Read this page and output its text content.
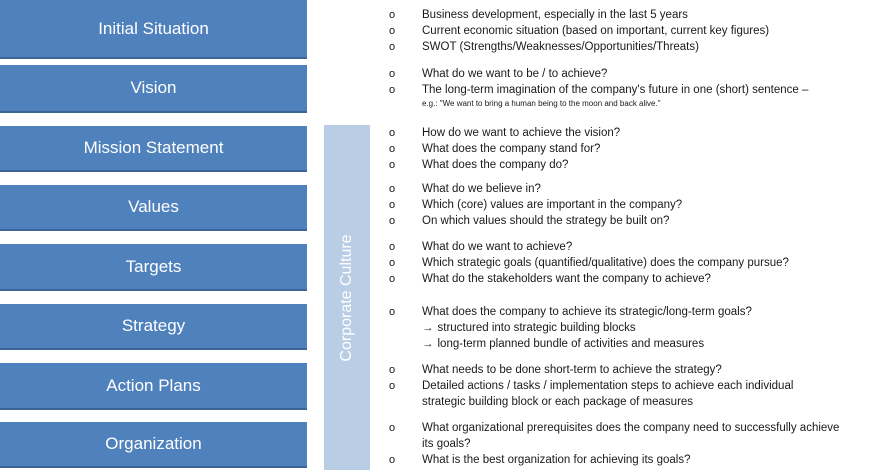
Initial Situation
Vision
Mission Statement
Values
Targets
Strategy
Action Plans
Organization
Corporate Culture
o Business development, especially in the last 5 years
o Current economic situation (based on important, current key figures)
o SWOT (Strengths/Weaknesses/Opportunities/Threats)
o What do we want to be / to achieve?
o The long-term imagination of the company's future in one (short) sentence –
e.g.: "We want to bring a human being to the moon and back alive."
o How do we want to achieve the vision?
o What does the company stand for?
o What does the company do?
o What do we believe in?
o Which (core) values are important in the company?
o On which values should the strategy be built on?
o What do we want to achieve?
o Which strategic goals (quantified/qualitative) does the company pursue?
o What do the stakeholders want the company to achieve?
o What does the company to achieve its strategic/long-term goals?
→ structured into strategic building blocks
→ long-term planned bundle of activities and measures
o What needs to be done short-term to achieve the strategy?
o Detailed actions / tasks / implementation steps to achieve each individual
strategic building block or each package of measures
o What organizational prerequisites does the company need to successfully achieve
its goals?
o What is the best organization for achieving its goals?
